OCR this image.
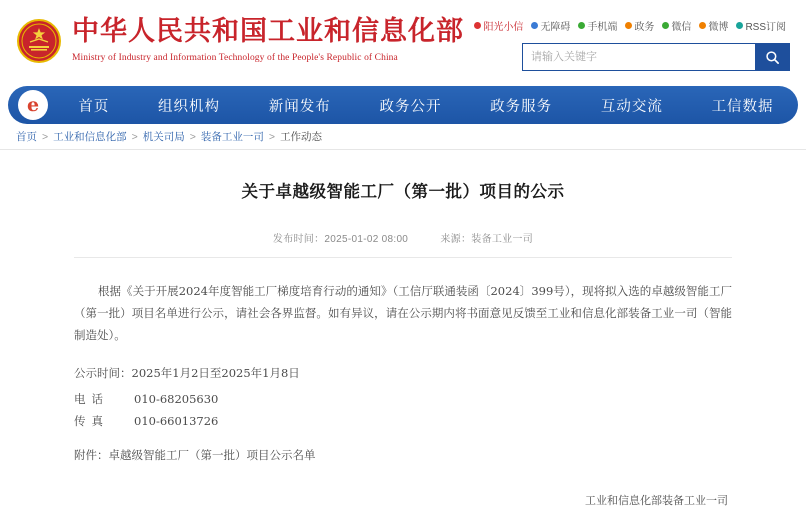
中华人民共和国工业和信息化部
Ministry of Industry and Information Technology of the People's Republic of China
阳光小信 无障碍 手机端 政务 微信 微博 RSS订阅
请输入关键字
e	首页	组织机构	新闻发布	政务公开	政务服务	互动交流	工信数据
首页 > 工业和信息化部 > 机关司局 > 装备工业一司 > 工作动态
关于卓越级智能工厂（第一批）项目的公示
发布时间：2025-01-02 08:00	来源：装备工业一司

根据《关于开展2024年度智能工厂梯度培育行动的通知》（工信厅联通装函〔2024〕399号），现将拟入选的卓越级智能工厂（第一批）项目名单进行公示，请社会各界监督。如有异议，请在公示期内将书面意见反馈至工业和信息化部装备工业一司（智能制造处）。

公示时间：2025年1月2日至2025年1月8日

电话	010-68205630
传真	010-66013726

附件：卓越级智能工厂（第一批）项目公示名单

工业和信息化部装备工业一司
